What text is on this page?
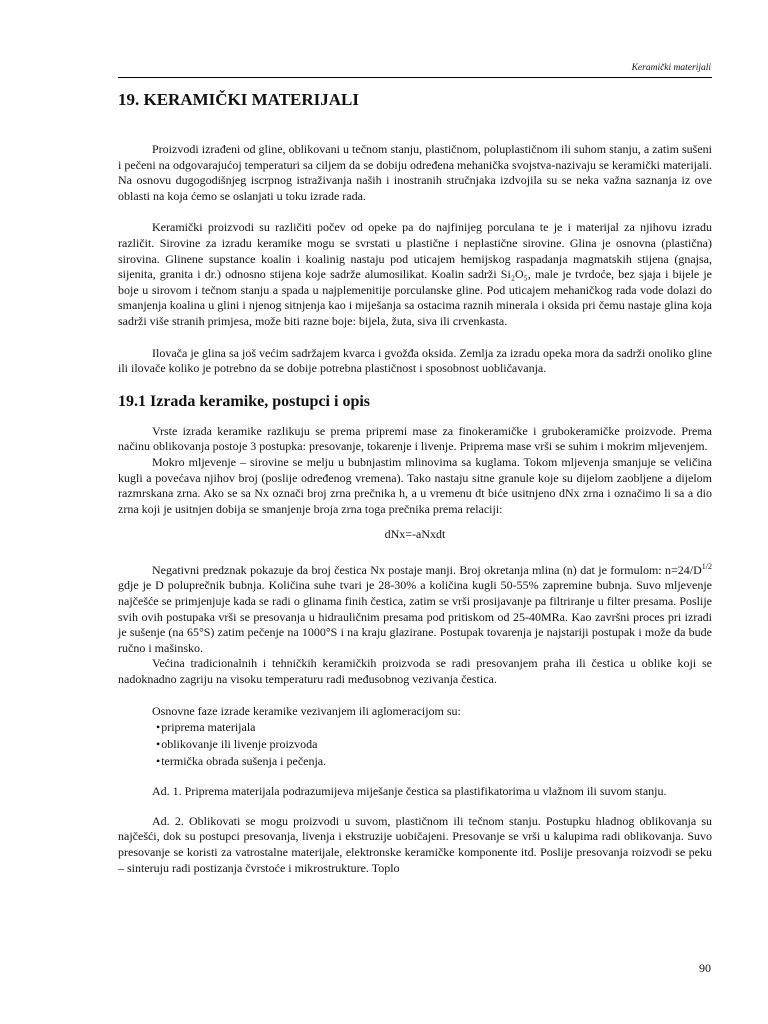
Keramički materijali
19. KERAMIČKI MATERIJALI

Proizvodi izrađeni od gline, oblikovani u tečnom stanju, plastičnom, poluplastičnom ili suhom stanju, a zatim sušeni i pečeni na odgovarajućoj temperaturi sa ciljem da se dobiju određena mehanička svojstva-nazivaju se keramički materijali. Na osnovu dugogodišnjeg iscrpnog istraživanja naših i inostranih stručnjaka izdvojila su se neka važna saznanja iz ove oblasti na koja ćemo se oslanjati u toku izrade rada.

Keramički proizvodi su različiti počev od opeke pa do najfinijeg porculana te je i materijal za njihovu izradu različit. Sirovine za izradu keramike mogu se svrstati u plastične i neplastične sirovine. Glina je osnovna (plastična) sirovina. Glinene supstance koalin i koalinig nastaju pod uticajem hemijskog raspadanja magmatskih stijena (gnajsa, sijenita, granita i dr.) odnosno stijena koje sadrže alumosilikat. Koalin sadrži Si₂O₅, male je tvrdoće, bez sjaja i bijele je boje u sirovom i tečnom stanju a spada u najplemenitije porculanske gline. Pod uticajem mehaničkog rada vode dolazi do smanjenja koalina u glini i njenog sitnjenja kao i miješanja sa ostacima raznih minerala i oksida pri čemu nastaje glina koja sadrži više stranih primjesa, može biti razne boje: bijela, žuta, siva ili crvenkasta.

Ilovača je glina sa još većim sadržajem kvarca i gvožđa oksida. Zemlja za izradu opeka mora da sadrži onoliko gline ili ilovače koliko je potrebno da se dobije potrebna plastičnost i sposobnost uobličavanja.

19.1 Izrada keramike, postupci i opis

Vrste izrada keramike razlikuju se prema pripremi mase za finokeramičke i grubokeramičke proizvode. Prema načinu oblikovanja postoje 3 postupka: presovanje, tokarenje i livenje. Priprema mase vrši se suhim i mokrim mljevenjem.

Mokro mljevenje – sirovine se melju u bubnjastim mlinovima sa kuglama. Tokom mljevenja smanjuje se veličina kugli a povećava njihov broj (poslije određenog vremena). Tako nastaju sitne granule koje su dijelom zaobljene a dijelom razmrskana zrna. Ako se sa Nx označi broj zrna prečnika h, a u vremenu dt biće usitnjeno dNx zrna i označimo li sa a dio zrna koji je usitnjen dobija se smanjenje broja zrna toga prečnika prema relaciji:

dNx=-aNxdt

Negativni predznak pokazuje da broj čestica Nx postaje manji. Broj okretanja mlina (n) dat je formulom: $n=24/D^{1/2}$ gdje je D poluprečnik bubnja. Količina suhe tvari je 28-30% a količina kugli 50-55% zapremine bubnja. Suvo mljevenje najčešće se primjenjuje kada se radi o glinama finih čestica, zatim se vrši prosijavanje pa filtriranje u filter presama. Poslije svih ovih postupaka vrši se presovanja u hidrauličnim presama pod pritiskom od 25-40MRa. Kao završni proces pri izradi je sušenje (na 65°S) zatim pečenje na 1000°S i na kraju glazirane. Postupak tovarenja je najstariji postupak i može da bude ručno i mašinsko.

Većina tradicionalnih i tehničkih keramičkih proizvoda se radi presovanjem praha ili čestica u oblike koji se nadoknadno zagriju na visoku temperaturu radi međusobnog vezivanja čestica.

Osnovne faze izrade keramike vezivanjem ili aglomeracijom su:

• priprema materijala
• oblikovanje ili livenje proizvoda
• termička obrada sušenja i pečenja.

Ad. 1. Priprema materijala podrazumijeva miješanje čestica sa plastifikatorima u vlažnom ili suvom stanju.

Ad. 2. Oblikovati se mogu proizvodi u suvom, plastičnom ili tečnom stanju. Postupku hladnog oblikovanja su najčešći, dok su postupci presovanja, livenja i ekstruzije uobičajeni. Presovanje se vrši u kalupima radi oblikovanja. Suvo presovanje se koristi za vatrostalne materijale, elektronske keramičke komponente itd. Poslije presovanja roizvodi se peku – sinteruju radi postizanja čvrstoće i mikrostrukture. Toplo

90
